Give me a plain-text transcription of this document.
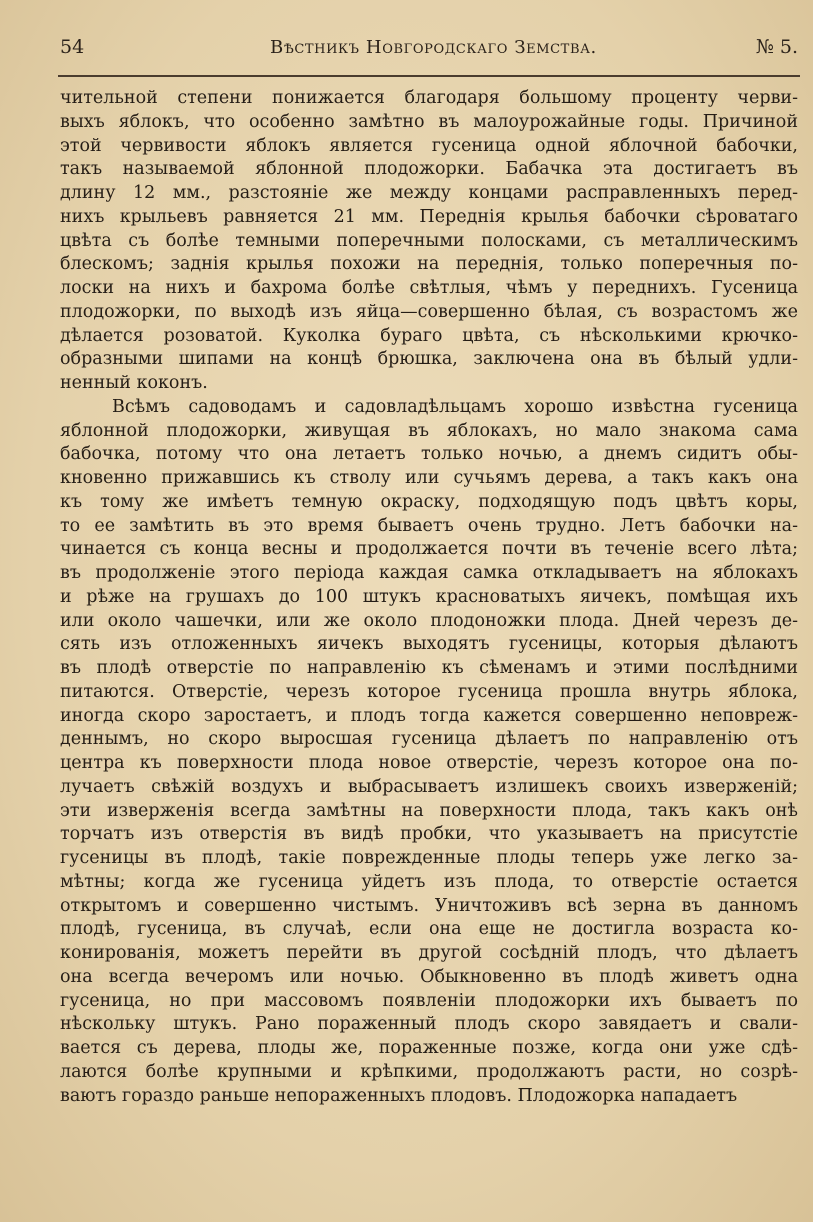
54	Вѣстникъ Новгородскаго Земства.	№ 5.
чительной степени понижается благодаря большому проценту черви-
выхъ яблокъ, что особенно замѣтно въ малоурожайные годы. Причиной
этой червивости яблокъ является гусеница одной яблочной бабочки,
такъ называемой яблонной плодожорки. Бабачка эта достигаетъ въ
длину 12 мм., разстояніе же между концами расправленныхъ перед-
нихъ крыльевъ равняется 21 мм. Переднія крылья бабочки сѣроватаго
цвѣта съ болѣе темными поперечными полосками, съ металлическимъ
блескомъ; заднія крылья похожи на переднія, только поперечныя по-
лоски на нихъ и бахрома болѣе свѣтлыя, чѣмъ у переднихъ. Гусеница
плодожорки, по выходѣ изъ яйца—совершенно бѣлая, съ возрастомъ же
дѣлается розоватой. Куколка бураго цвѣта, съ нѣсколькими крючко-
образными шипами на концѣ брюшка, заключена она въ бѣлый удли-
ненный коконъ.
Всѣмъ садоводамъ и садовладѣльцамъ хорошо извѣстна гусеница
яблонной плодожорки, живущая въ яблокахъ, но мало знакома сама
бабочка, потому что она летаетъ только ночью, а днемъ сидитъ обы-
кновенно прижавшись къ стволу или сучьямъ дерева, а такъ какъ она
къ тому же имѣетъ темную окраску, подходящую подъ цвѣтъ коры,
то ее замѣтить въ это время бываетъ очень трудно. Летъ бабочки на-
чинается съ конца весны и продолжается почти въ теченіе всего лѣта;
въ продолженіе этого періода каждая самка откладываетъ на яблокахъ
и рѣже на грушахъ до 100 штукъ красноватыхъ яичекъ, помѣщая ихъ
или около чашечки, или же около плодоножки плода. Дней черезъ де-
сять изъ отложенныхъ яичекъ выходятъ гусеницы, которыя дѣлаютъ
въ плодѣ отверстіе по направленію къ сѣменамъ и этими послѣдними
питаются. Отверстіе, черезъ которое гусеница прошла внутрь яблока,
иногда скоро заростаетъ, и плодъ тогда кажется совершенно неповреж-
деннымъ, но скоро выросшая гусеница дѣлаетъ по направленію отъ
центра къ поверхности плода новое отверстіе, черезъ которое она по-
лучаетъ свѣжій воздухъ и выбрасываетъ излишекъ своихъ изверженій;
эти изверженія всегда замѣтны на поверхности плода, такъ какъ онѣ
торчатъ изъ отверстія въ видѣ пробки, что указываетъ на присутстіе
гусеницы въ плодѣ, такіе поврежденные плоды теперь уже легко за-
мѣтны; когда же гусеница уйдетъ изъ плода, то отверстіе остается
открытомъ и совершенно чистымъ. Уничтоживъ всѣ зерна въ данномъ
плодѣ, гусеница, въ случаѣ, если она еще не достигла возраста ко-
конированія, можетъ перейти въ другой сосѣдній плодъ, что дѣлаетъ
она всегда вечеромъ или ночью. Обыкновенно въ плодѣ живетъ одна
гусеница, но при массовомъ появленіи плодожорки ихъ бываетъ по
нѣскольку штукъ. Рано пораженный плодъ скоро завядаетъ и свали-
вается съ дерева, плоды же, пораженные позже, когда они уже сдѣ-
лаются болѣе крупными и крѣпкими, продолжаютъ расти, но созрѣ-
ваютъ гораздо раньше непораженныхъ плодовъ. Плодожорка нападаетъ
